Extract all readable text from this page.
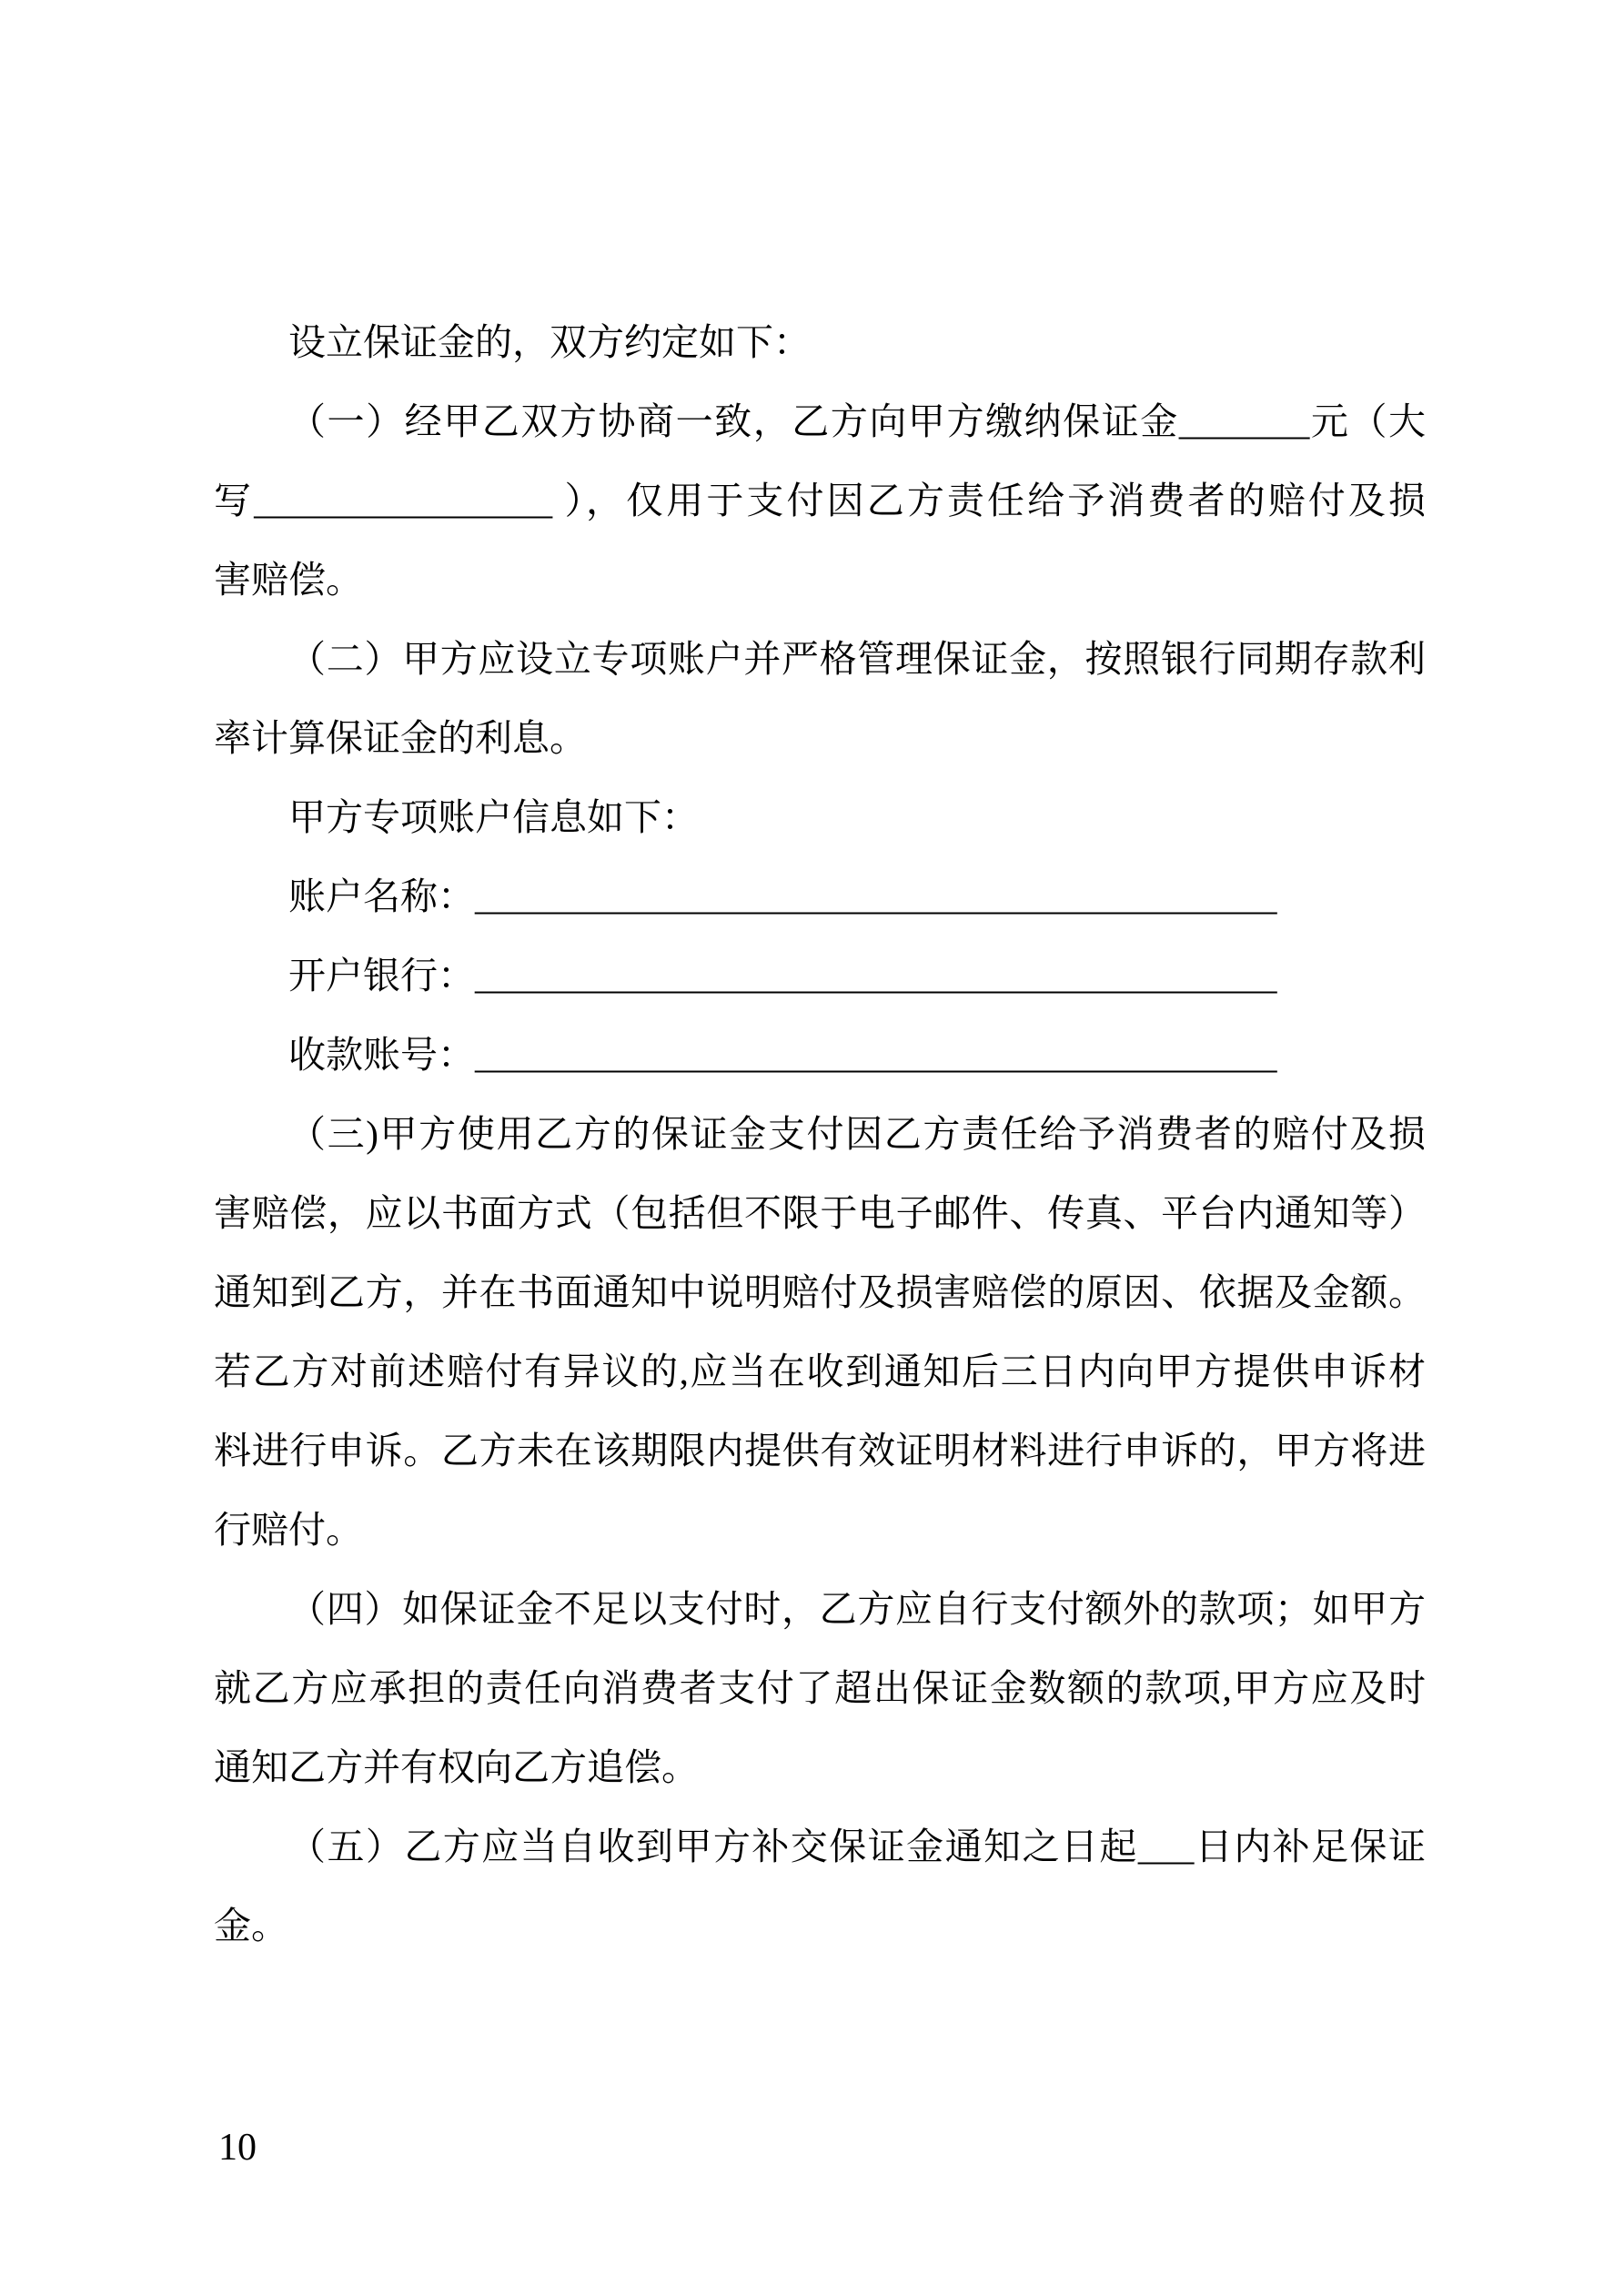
设立保证金的，双方约定如下：
（一）经甲乙双方协商一致，乙方向甲方缴纳保证金_______元（大
写________________ ），仅用于支付因乙方责任给予消费者的赔付及损
害赔偿。
（二）甲方应设立专项账户并严格管理保证金，按照银行同期存款利
率计算保证金的利息。
甲方专项账户信息如下：
账户名称：___________________________________________
开户银行：___________________________________________
收款账号：___________________________________________
（三)甲方使用乙方的保证金支付因乙方责任给予消费者的赔付及损
害赔偿，应以书面方式（包括但不限于电子邮件、传真、平台内通知等）
通知到乙方，并在书面通知中说明赔付及损害赔偿的原因、依据及金额。
若乙方对前述赔付有异议的,应当在收到通知后三日内向甲方提供申诉材
料进行申诉。乙方未在该期限内提供有效证明材料进行申诉的，甲方将进
行赔付。
（四）如保证金不足以支付时，乙方应自行支付额外的款项；如甲方
就乙方应承担的责任向消费者支付了超出保证金数额的款项,甲方应及时
通知乙方并有权向乙方追偿。
（五）乙方应当自收到甲方补交保证金通知之日起___日内补足保证
金。
10
